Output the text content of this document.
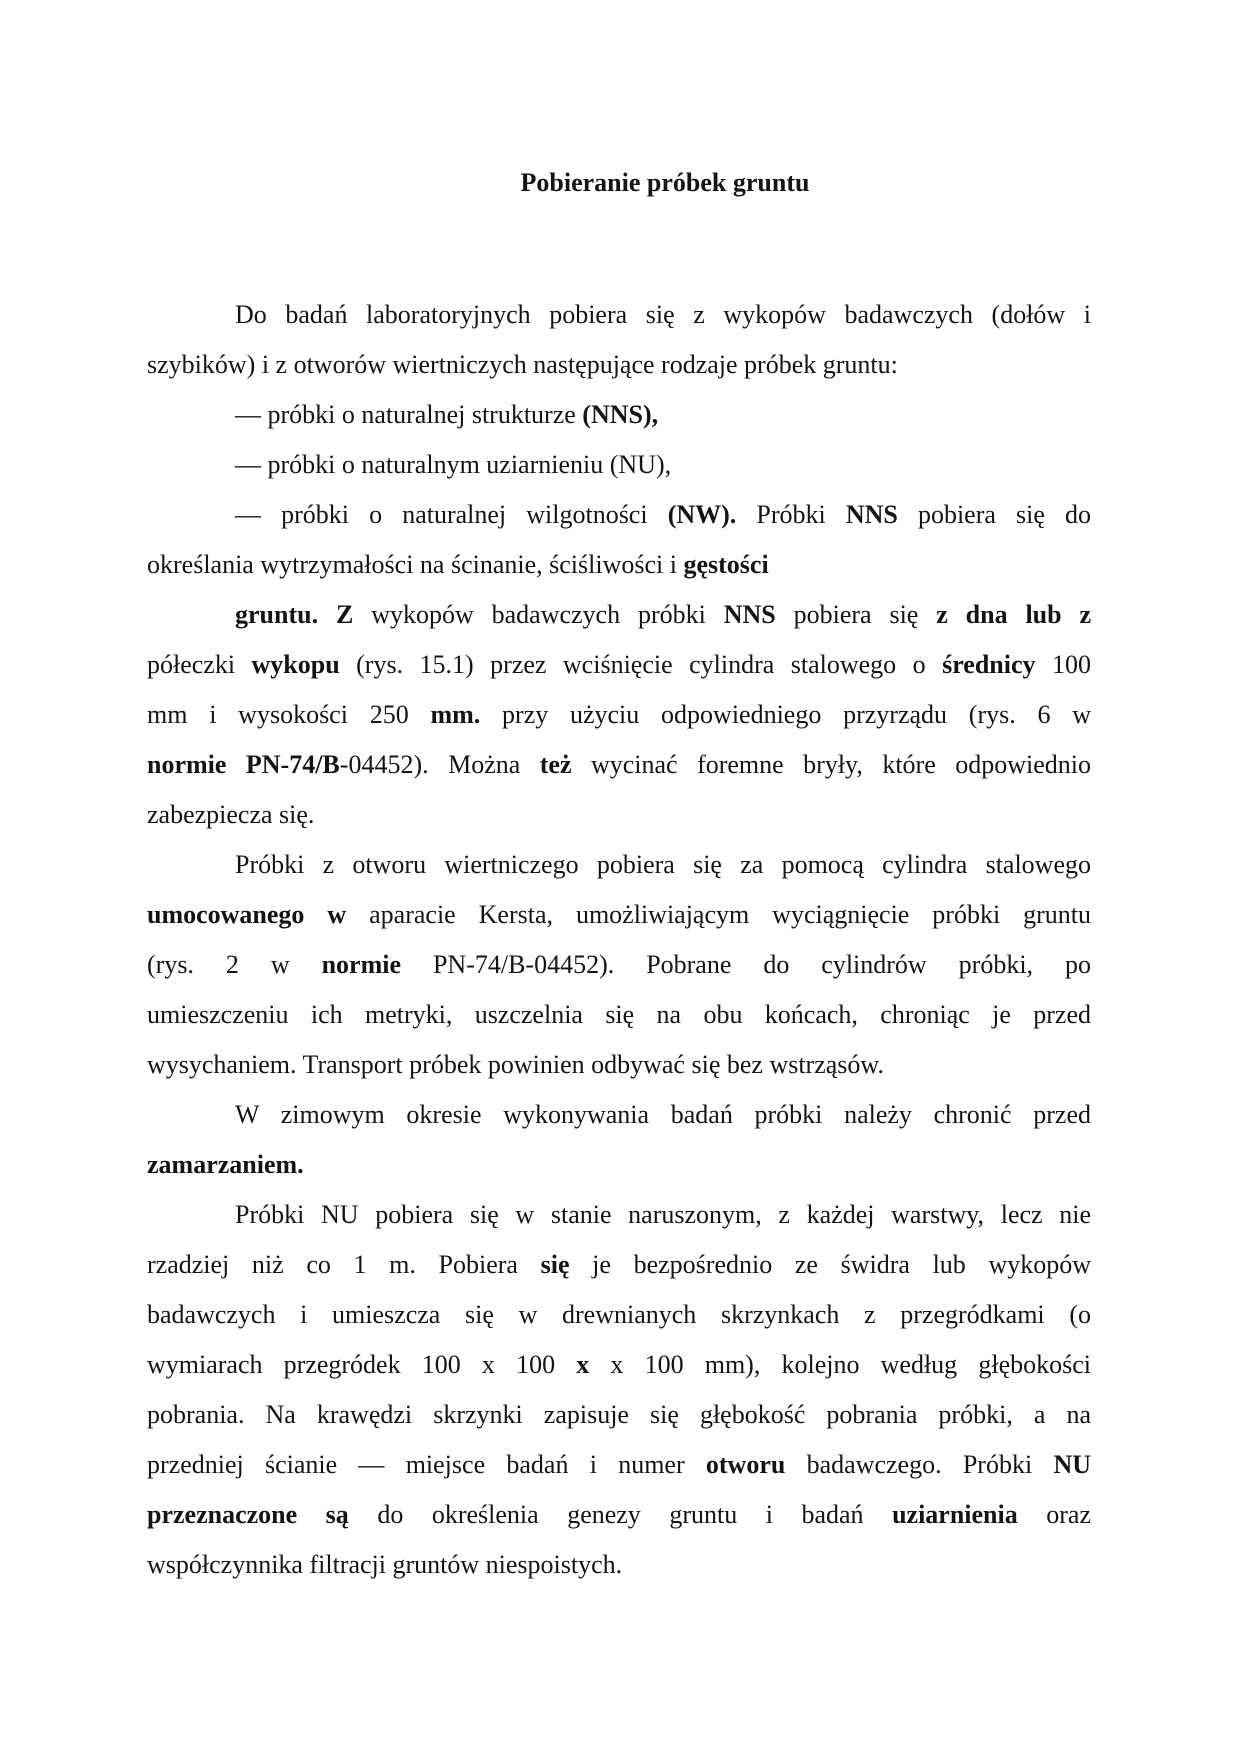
Pobieranie próbek gruntu
Do badań laboratoryjnych pobiera się z wykopów badawczych (dołów i
szybików) i z otworów wiertniczych następujące rodzaje próbek gruntu:
— próbki o naturalnej strukturze (NNS),
— próbki o naturalnym uziarnieniu (NU),
— próbki o naturalnej wilgotności (NW). Próbki NNS pobiera się do
określania wytrzymałości na ścinanie, ściśliwości i gęstości
gruntu. Z wykopów badawczych próbki NNS pobiera się z dna lub z
półeczki wykopu (rys. 15.1) przez wciśnięcie cylindra stalowego o średnicy 100
mm i wysokości 250 mm. przy użyciu odpowiedniego przyrządu (rys. 6 w
normie PN-74/B-04452). Można też wycinać foremne bryły, które odpowiednio
zabezpiecza się.
Próbki z otworu wiertniczego pobiera się za pomocą cylindra stalowego
umocowanego w aparacie Kersta, umożliwiającym wyciągnięcie próbki gruntu
(rys. 2 w normie PN-74/B-04452). Pobrane do cylindrów próbki, po
umieszczeniu ich metryki, uszczelnia się na obu końcach, chroniąc je przed
wysychaniem. Transport próbek powinien odbywać się bez wstrząsów.
W zimowym okresie wykonywania badań próbki należy chronić przed
zamarzaniem.
Próbki NU pobiera się w stanie naruszonym, z każdej warstwy, lecz nie
rzadziej niż co 1 m. Pobiera się je bezpośrednio ze świdra lub wykopów
badawczych i umieszcza się w drewnianych skrzynkach z przegródkami (o
wymiarach przegródek 100 x 100 x x 100 mm), kolejno według głębokości
pobrania. Na krawędzi skrzynki zapisuje się głębokość pobrania próbki, a na
przedniej ścianie — miejsce badań i numer otworu badawczego. Próbki NU
przeznaczone są do określenia genezy gruntu i badań uziarnienia oraz
współczynnika filtracji gruntów niespoistych.
